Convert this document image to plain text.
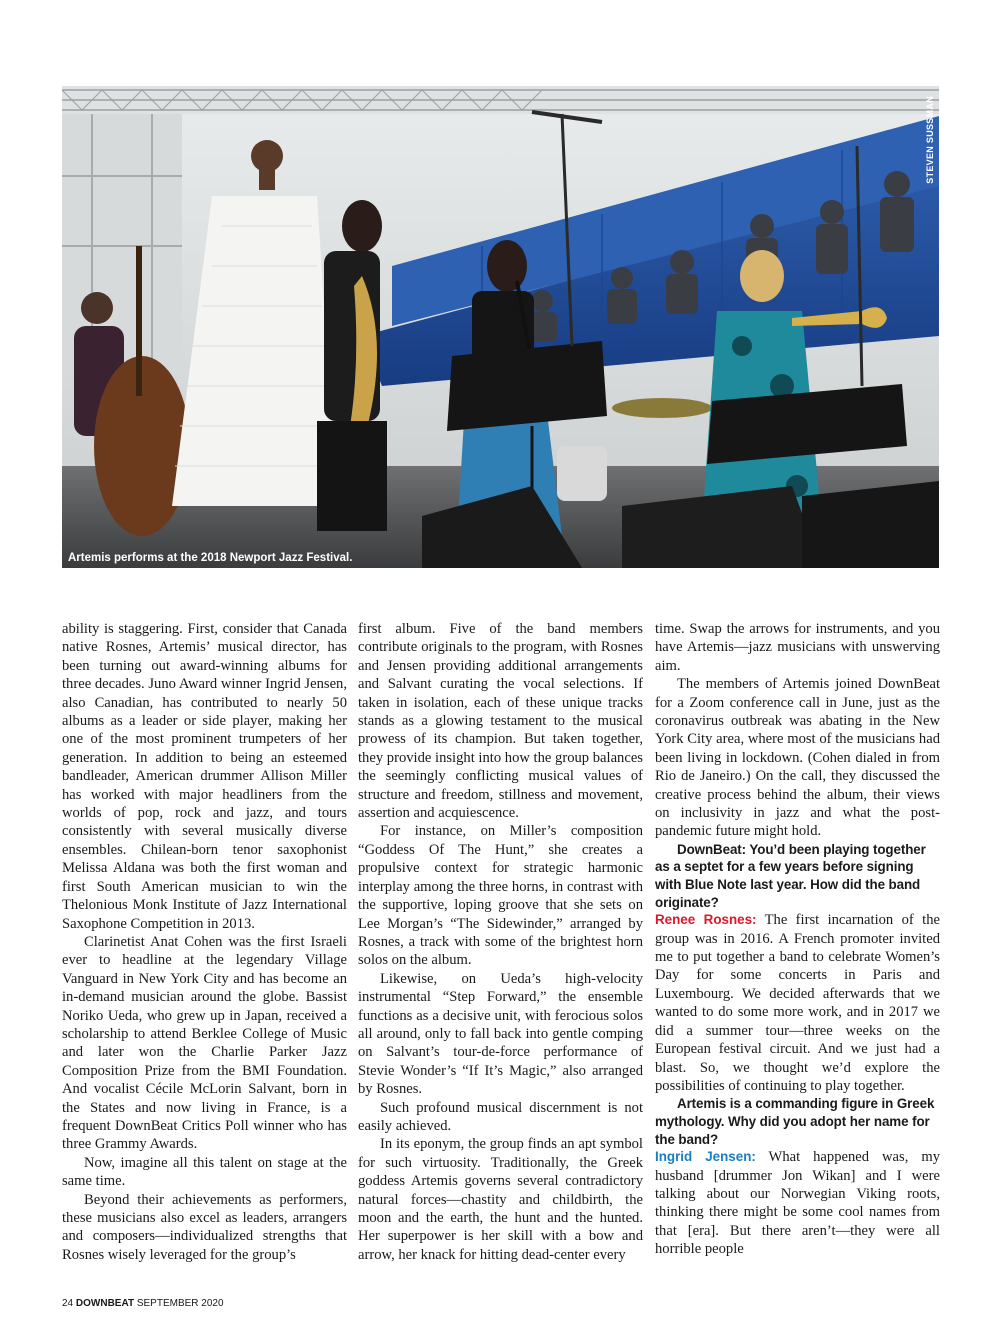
STEVEN SUSSMAN
Artemis performs at the 2018 Newport Jazz Festival.

ability is staggering. First, consider that Canada native Rosnes, Artemis’ musical director, has been turning out award-winning albums for three decades. Juno Award winner Ingrid Jensen, also Canadian, has contributed to nearly 50 albums as a leader or side player, making her one of the most prominent trumpeters of her generation. In addition to being an esteemed bandleader, American drummer Allison Miller has worked with major headliners from the worlds of pop, rock and jazz, and tours consistently with several musically diverse ensembles. Chilean-born tenor saxophonist Melissa Aldana was both the first woman and first South American musician to win the Thelonious Monk Institute of Jazz International Saxophone Competition in 2013.

Clarinetist Anat Cohen was the first Israeli ever to headline at the legendary Village Vanguard in New York City and has become an in-demand musician around the globe. Bassist Noriko Ueda, who grew up in Japan, received a scholarship to attend Berklee College of Music and later won the Charlie Parker Jazz Composition Prize from the BMI Foundation. And vocalist Cécile McLorin Salvant, born in the States and now living in France, is a frequent DownBeat Critics Poll winner who has three Grammy Awards.

Now, imagine all this talent on stage at the same time.

Beyond their achievements as performers, these musicians also excel as leaders, arrangers and composers—individualized strengths that Rosnes wisely leveraged for the group’s

first album. Five of the band members contribute originals to the program, with Rosnes and Jensen providing additional arrangements and Salvant curating the vocal selections. If taken in isolation, each of these unique tracks stands as a glowing testament to the musical prowess of its champion. But taken together, they provide insight into how the group balances the seemingly conflicting musical values of structure and freedom, stillness and movement, assertion and acquiescence.

For instance, on Miller’s composition “Goddess Of The Hunt,” she creates a propulsive context for strategic harmonic interplay among the three horns, in contrast with the supportive, loping groove that she sets on Lee Morgan’s “The Sidewinder,” arranged by Rosnes, a track with some of the brightest horn solos on the album.

Likewise, on Ueda’s high-velocity instrumental “Step Forward,” the ensemble functions as a decisive unit, with ferocious solos all around, only to fall back into gentle comping on Salvant’s tour-de-force performance of Stevie Wonder’s “If It’s Magic,” also arranged by Rosnes.

Such profound musical discernment is not easily achieved.

In its eponym, the group finds an apt symbol for such virtuosity. Traditionally, the Greek goddess Artemis governs several contradictory natural forces—chastity and childbirth, the moon and the earth, the hunt and the hunted. Her superpower is her skill with a bow and arrow, her knack for hitting dead-center every

time. Swap the arrows for instruments, and you have Artemis—jazz musicians with unswerving aim.

The members of Artemis joined DownBeat for a Zoom conference call in June, just as the coronavirus outbreak was abating in the New York City area, where most of the musicians had been living in lockdown. (Cohen dialed in from Rio de Janeiro.) On the call, they discussed the creative process behind the album, their views on inclusivity in jazz and what the post-pandemic future might hold.

DownBeat: You’d been playing together as a septet for a few years before signing with Blue Note last year. How did the band originate?

Renee Rosnes: The first incarnation of the group was in 2016. A French promoter invited me to put together a band to celebrate Women’s Day for some concerts in Paris and Luxembourg. We decided afterwards that we wanted to do some more work, and in 2017 we did a summer tour—three weeks on the European festival circuit. And we just had a blast. So, we thought we’d explore the possibilities of continuing to play together.

Artemis is a commanding figure in Greek mythology. Why did you adopt her name for the band?

Ingrid Jensen: What happened was, my husband [drummer Jon Wikan] and I were talking about our Norwegian Viking roots, thinking there might be some cool names from that [era]. But there aren’t—they were all horrible people

24 DOWNBEAT SEPTEMBER 2020
